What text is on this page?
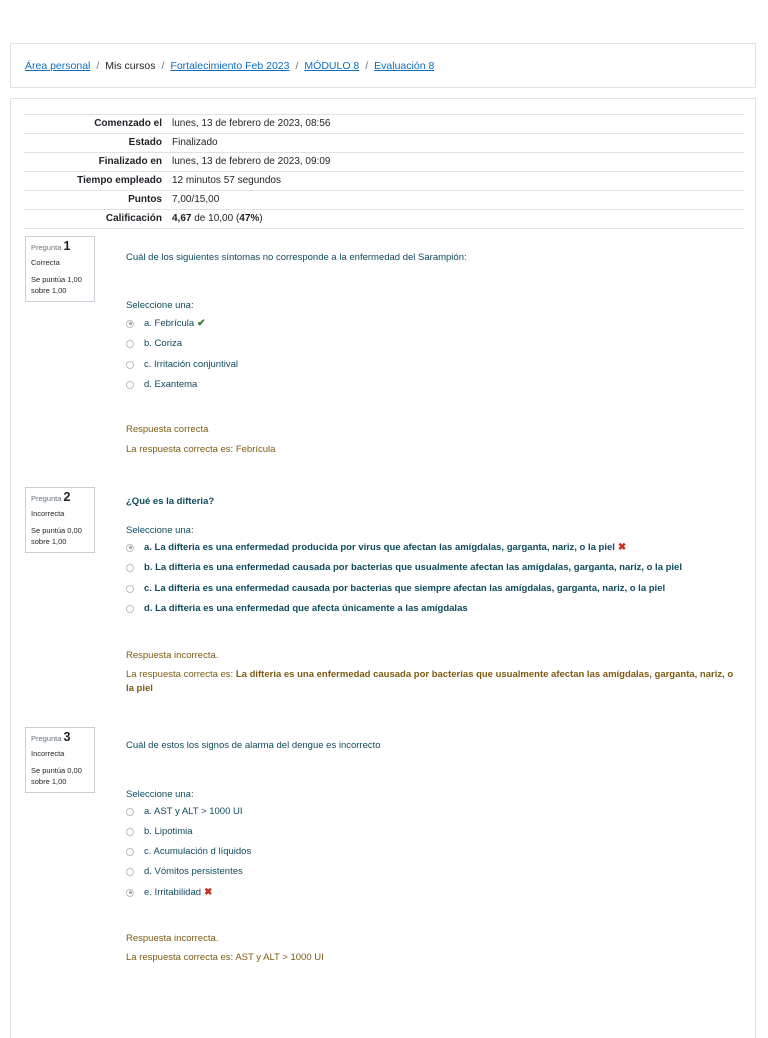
Área personal / Mis cursos / Fortalecimiento Feb 2023 / MÓDULO 8 / Evaluación 8
Comenzado el	lunes, 13 de febrero de 2023, 08:56
Estado	Finalizado
Finalizado en	lunes, 13 de febrero de 2023, 09:09
Tiempo empleado	12 minutos 57 segundos
Puntos	7,00/15,00
Calificación	4,67 de 10,00 (47%)
Pregunta 1
Correcta
Se puntúa 1,00 sobre 1,00
Cuál de los siguientes síntomas no corresponde a la enfermedad del Sarampión:
Seleccione una:
a. Febrícula ✔
b. Coriza
c. Irritación conjuntival
d. Exantema
Respuesta correcta
La respuesta correcta es: Febrícula
Pregunta 2
Incorrecta
Se puntúa 0,00 sobre 1,00
¿Qué es la difteria?
Seleccione una:
a. La difteria es una enfermedad producida por virus que afectan las amígdalas, garganta, nariz, o la piel ✖
b. La difteria es una enfermedad causada por bacterias que usualmente afectan las amígdalas, garganta, nariz, o la piel
c. La difteria es una enfermedad causada por bacterias que siempre afectan las amígdalas, garganta, nariz, o la piel
d. La difteria es una enfermedad que afecta únicamente a las amígdalas
Respuesta incorrecta.
La respuesta correcta es: La difteria es una enfermedad causada por bacterias que usualmente afectan las amígdalas, garganta, nariz, o la piel
Pregunta 3
Incorrecta
Se puntúa 0,00 sobre 1,00
Cuál de estos los signos de alarma del dengue es incorrecto
Seleccione una:
a. AST y ALT > 1000 UI
b. Lipotimia
c. Acumulación d líquidos
d. Vómitos persistentes
e. Irritabilidad ✖
Respuesta incorrecta.
La respuesta correcta es: AST y ALT > 1000 UI
